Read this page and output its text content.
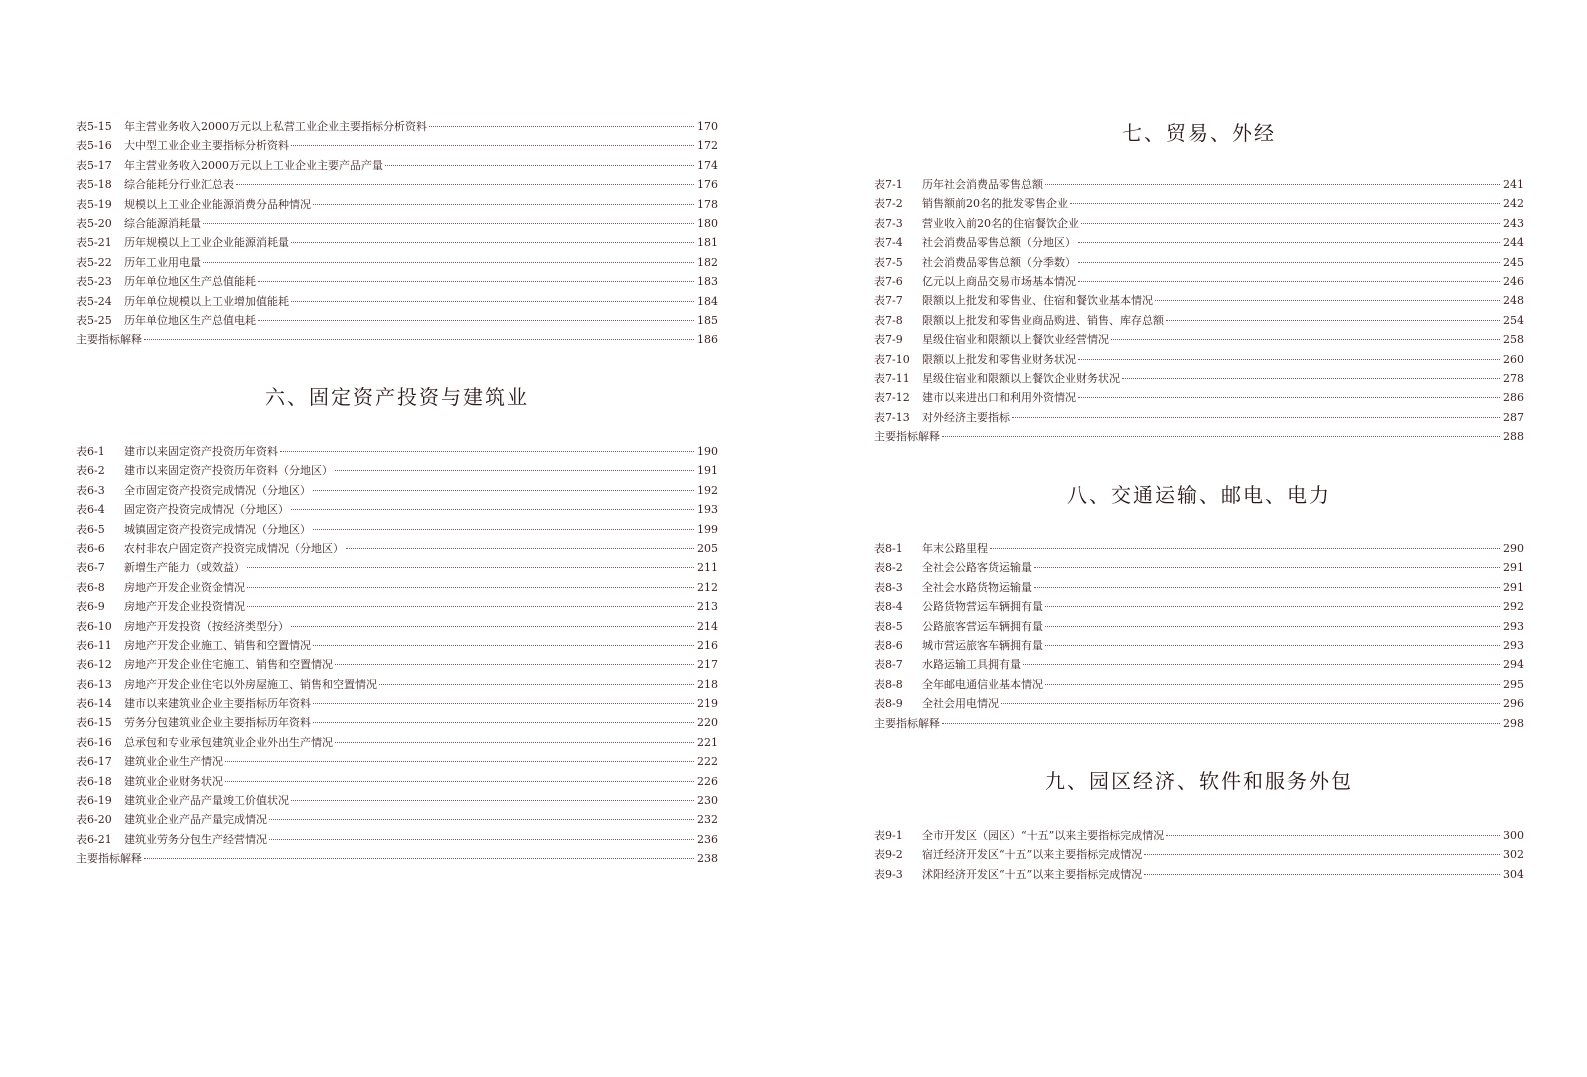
表5-15	年主营业务收入2000万元以上私营工业企业主要指标分析资料	170
表5-16	大中型工业企业主要指标分析资料	172
表5-17	年主营业务收入2000万元以上工业企业主要产品产量	174
表5-18	综合能耗分行业汇总表	176
表5-19	规模以上工业企业能源消费分品种情况	178
表5-20	综合能源消耗量	180
表5-21	历年规模以上工业企业能源消耗量	181
表5-22	历年工业用电量	182
表5-23	历年单位地区生产总值能耗	183
表5-24	历年单位规模以上工业增加值能耗	184
表5-25	历年单位地区生产总值电耗	185
主要指标解释	186
六、固定资产投资与建筑业
表6-1	建市以来固定资产投资历年资料	190
表6-2	建市以来固定资产投资历年资料（分地区）	191
表6-3	全市固定资产投资完成情况（分地区）	192
表6-4	固定资产投资完成情况（分地区）	193
表6-5	城镇固定资产投资完成情况（分地区）	199
表6-6	农村非农户固定资产投资完成情况（分地区）	205
表6-7	新增生产能力（或效益）	211
表6-8	房地产开发企业资金情况	212
表6-9	房地产开发企业投资情况	213
表6-10	房地产开发投资（按经济类型分）	214
表6-11	房地产开发企业施工、销售和空置情况	216
表6-12	房地产开发企业住宅施工、销售和空置情况	217
表6-13	房地产开发企业住宅以外房屋施工、销售和空置情况	218
表6-14	建市以来建筑业企业主要指标历年资料	219
表6-15	劳务分包建筑业企业主要指标历年资料	220
表6-16	总承包和专业承包建筑业企业外出生产情况	221
表6-17	建筑业企业生产情况	222
表6-18	建筑业企业财务状况	226
表6-19	建筑业企业产品产量竣工价值状况	230
表6-20	建筑业企业产品产量完成情况	232
表6-21	建筑业劳务分包生产经营情况	236
主要指标解释	238
七、贸易、外经
表7-1	历年社会消费品零售总额	241
表7-2	销售额前20名的批发零售企业	242
表7-3	营业收入前20名的住宿餐饮企业	243
表7-4	社会消费品零售总额（分地区）	244
表7-5	社会消费品零售总额（分季数）	245
表7-6	亿元以上商品交易市场基本情况	246
表7-7	限额以上批发和零售业、住宿和餐饮业基本情况	248
表7-8	限额以上批发和零售业商品购进、销售、库存总额	254
表7-9	星级住宿业和限额以上餐饮业经营情况	258
表7-10	限额以上批发和零售业财务状况	260
表7-11	星级住宿业和限额以上餐饮企业财务状况	278
表7-12	建市以来进出口和利用外资情况	286
表7-13	对外经济主要指标	287
主要指标解释	288
八、交通运输、邮电、电力
表8-1	年末公路里程	290
表8-2	全社会公路客货运输量	291
表8-3	全社会水路货物运输量	291
表8-4	公路货物营运车辆拥有量	292
表8-5	公路旅客营运车辆拥有量	293
表8-6	城市营运旅客车辆拥有量	293
表8-7	水路运输工具拥有量	294
表8-8	全年邮电通信业基本情况	295
表8-9	全社会用电情况	296
主要指标解释	298
九、园区经济、软件和服务外包
表9-1	全市开发区（园区）“十五”以来主要指标完成情况	300
表9-2	宿迁经济开发区“十五”以来主要指标完成情况	302
表9-3	沭阳经济开发区“十五”以来主要指标完成情况	304
